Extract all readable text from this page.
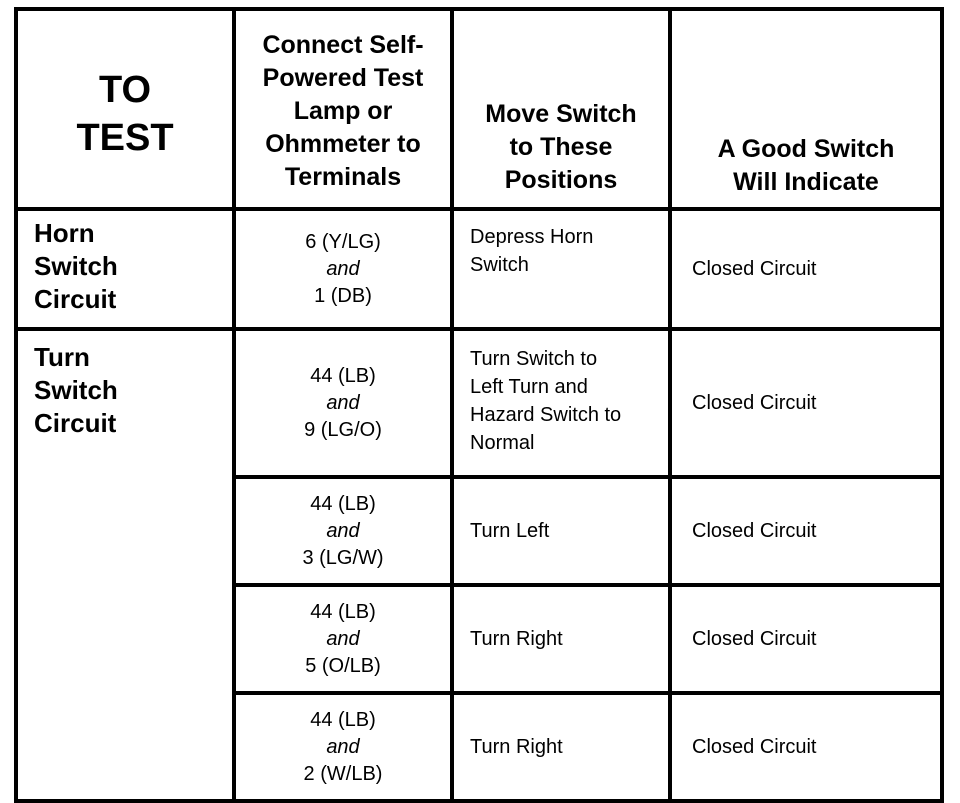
TO
TEST	Connect Self-
Powered Test
Lamp or
Ohmmeter to
Terminals	Move Switch
to These
Positions	A Good Switch
Will Indicate

Horn
Switch
Circuit	6 (Y/LG)
and
1 (DB)	Depress Horn
Switch	Closed Circuit

Turn
Switch
Circuit	44 (LB)
and
9 (LG/O)	Turn Switch to
Left Turn and
Hazard Switch to
Normal	Closed Circuit

	44 (LB)
and
3 (LG/W)	Turn Left	Closed Circuit

	44 (LB)
and
5 (O/LB)	Turn Right	Closed Circuit

	44 (LB)
and
2 (W/LB)	Turn Right	Closed Circuit
